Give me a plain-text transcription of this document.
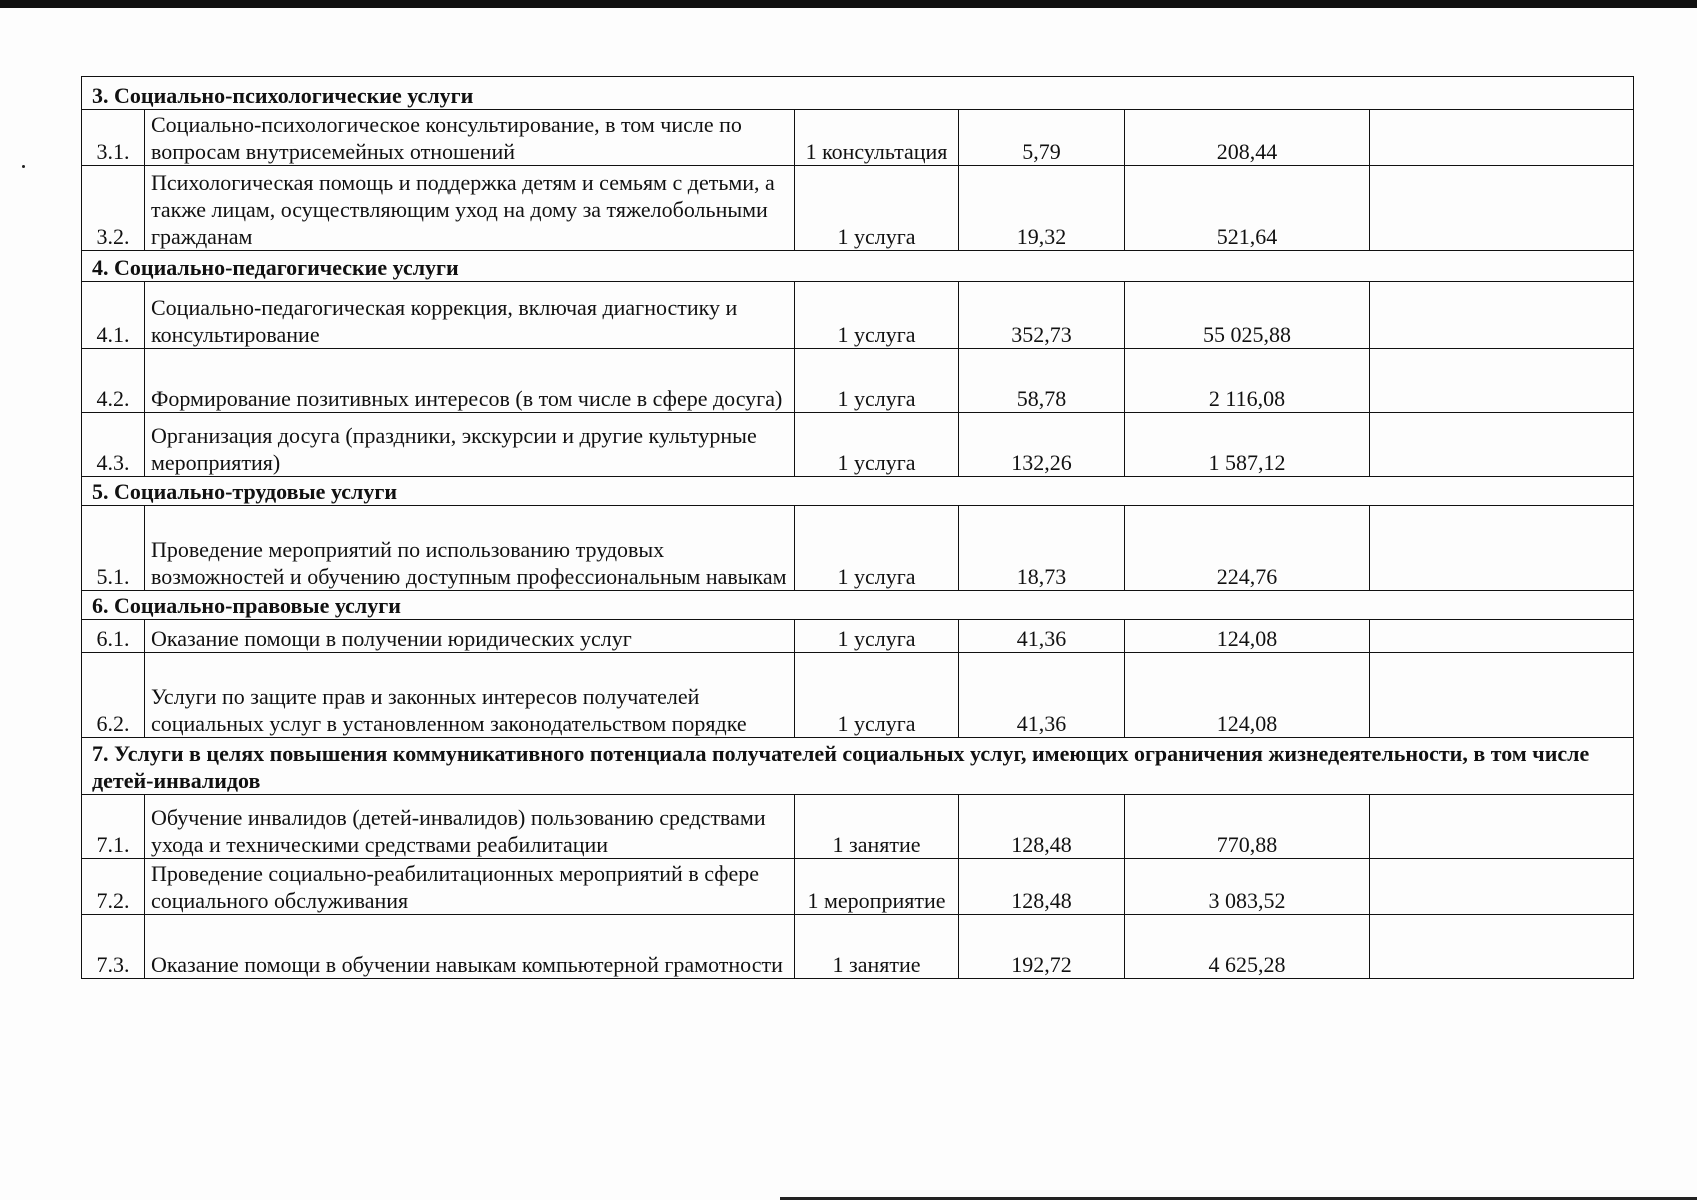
3. Социально-психологические услуги					
3.1.	Социально-психологическое консультирование, в том числе по вопросам внутрисемейных отношений	1 консультация	5,79	208,44	
3.2.	Психологическая помощь и поддержка детям и семьям с детьми, а также лицам, осуществляющим уход на дому за тяжелобольными гражданам	1 услуга	19,32	521,64	
4. Социально-педагогические услуги					
4.1.	Социально-педагогическая коррекция, включая диагностику и консультирование	1 услуга	352,73	55 025,88	
4.2.	Формирование позитивных интересов (в том числе в сфере досуга)	1 услуга	58,78	2 116,08	
4.3.	Организация досуга (праздники, экскурсии и другие культурные мероприятия)	1 услуга	132,26	1 587,12	
5. Социально-трудовые услуги					
5.1.	Проведение мероприятий по использованию трудовых возможностей и обучению доступным профессиональным навыкам	1 услуга	18,73	224,76	
6. Социально-правовые услуги					
6.1.	Оказание помощи в получении юридических услуг	1 услуга	41,36	124,08	
6.2.	Услуги по защите прав и законных интересов получателей социальных услуг в установленном законодательством порядке	1 услуга	41,36	124,08	
7. Услуги в целях повышения коммуникативного потенциала получателей социальных услуг, имеющих ограничения жизнедеятельности, в том числе детей-инвалидов					
7.1.	Обучение инвалидов (детей-инвалидов) пользованию средствами ухода и техническими средствами реабилитации	1 занятие	128,48	770,88	
7.2.	Проведение социально-реабилитационных мероприятий в сфере социального обслуживания	1 мероприятие	128,48	3 083,52	
7.3.	Оказание помощи в обучении навыкам компьютерной грамотности	1 занятие	192,72	4 625,28	
